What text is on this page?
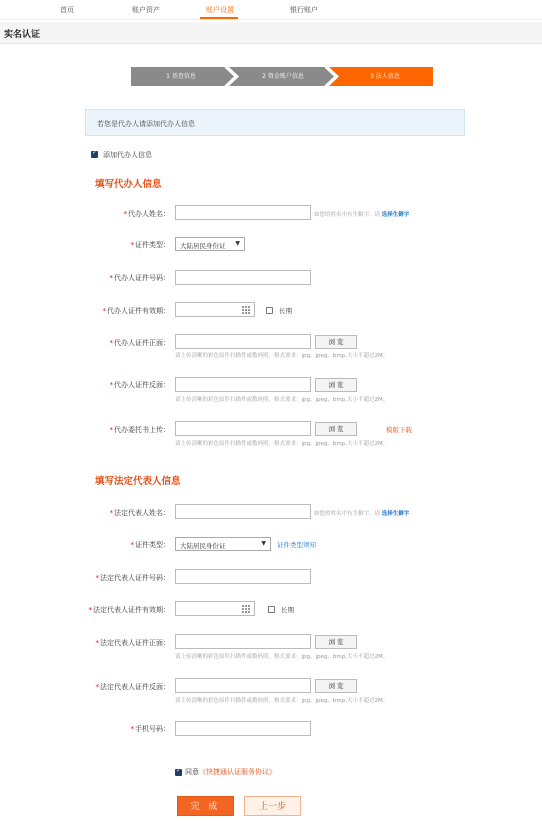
首页	账户资产	账户设置	银行账户
实名认证
1 基查信息	2 资金账户信息	3 法人信息
若您是代办人请添加代办人信息
✓
添加代办人信息
填写代办人信息
*代办人姓名：	如您的姓名中有生僻字，请 选择生僻字
*证件类型：	大陆居民身份证 ▼
*代办人证件号码：
*代办人证件有效期：	长期
*代办人证件正面：	浏 览
请上传清晰的彩色原件扫描件或数码照，格式要求：jpg、jpeg、bmp,大小不超过2M。
*代办人证件反面：	浏 览
请上传清晰的彩色原件扫描件或数码照，格式要求：jpg、jpeg、bmp,大小不超过2M。
*代办委托书上传：	浏 览	模版下载
请上传清晰的彩色原件扫描件或数码照，格式要求：jpg、jpeg、bmp,大小不超过2M。
填写法定代表人信息
*法定代表人姓名：	如您的姓名中有生僻字，请 选择生僻字
*证件类型：	大陆居民身份证	▼ 证件类型须知
*法定代表人证件号码：
*法定代表人证件有效期：	长期
*法定代表人证件正面：	浏 览
请上传清晰的彩色原件扫描件或数码照，格式要求：jpg、jpeg、bmp,大小不超过2M。
*法定代表人证件反面：	浏 览
请上传清晰的彩色原件扫描件或数码照，格式要求：jpg、jpeg、bmp,大小不超过2M。
*手机号码：
✓
同意《快捷通认证服务协议》
完 成	上一步
